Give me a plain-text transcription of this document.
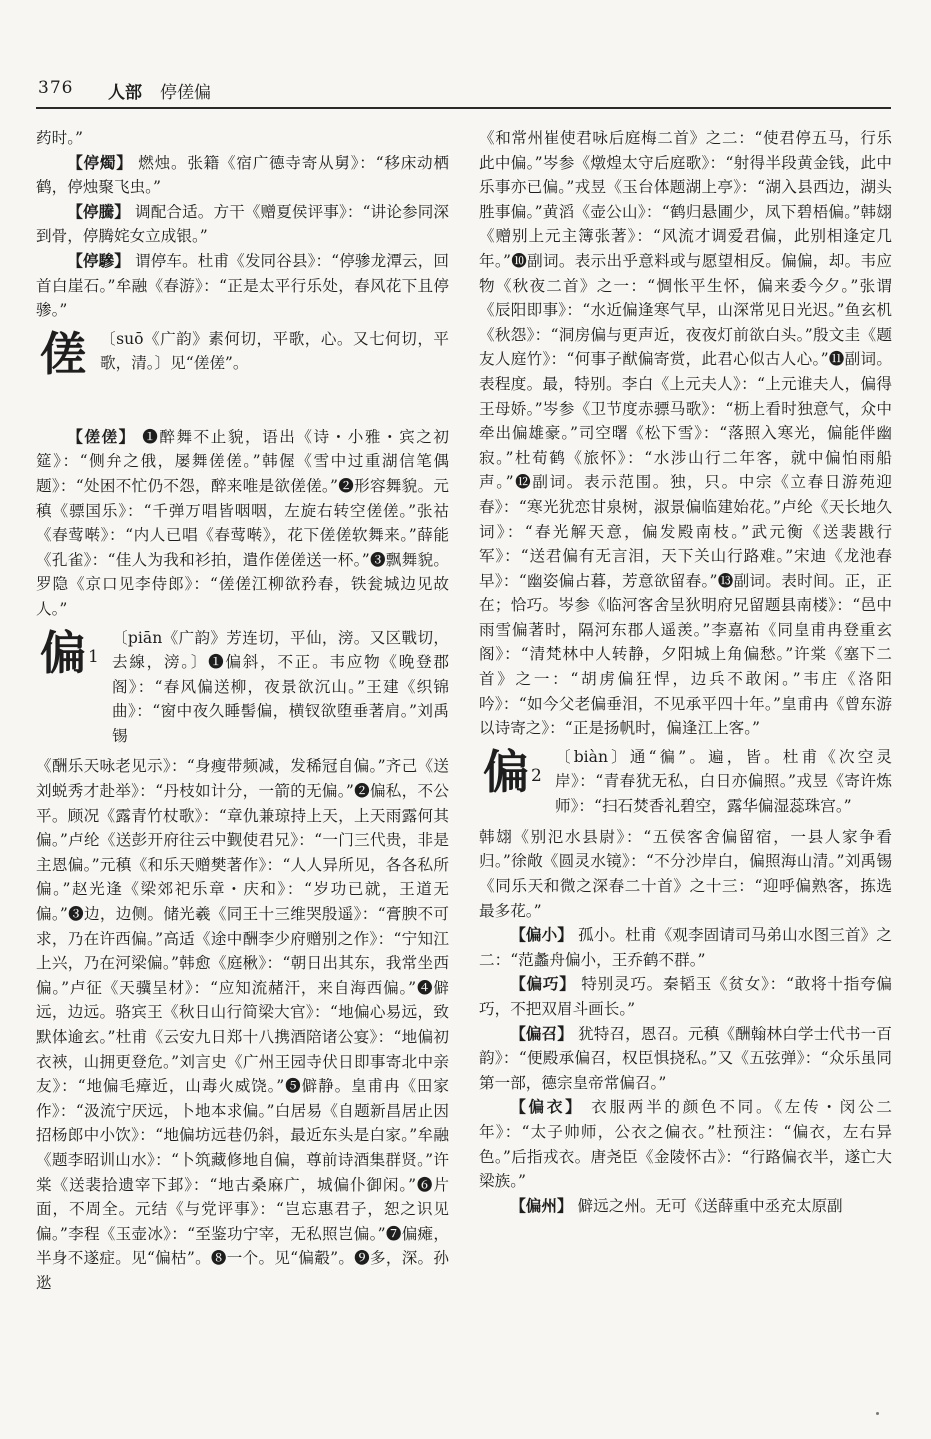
376 人部 停傞偏

药时。”

【停燭】 燃烛。张籍《宿广德寺寄从舅》：“移床动栖鹤，停烛聚飞虫。”

【停騰】 调配合适。方干《赠夏侯评事》：“讲论参同深到骨，停腾姹女立成银。”

【停驂】 谓停车。杜甫《发同谷县》：“停骖龙潭云，回首白崖石。”牟融《春游》：“正是太平行乐处，春风花下且停骖。”

傞 〔suō《广韵》素何切，平歌，心。又七何切，平歌，清。〕见“傞傞”。

【傞傞】 ❶醉舞不止貌，语出《诗・小雅・宾之初筵》：“侧弁之俄，屡舞傞傞。”韩偓《雪中过重湖信笔偶题》：“处困不忙仍不怨，醉来唯是欲傞傞。”❷形容舞貌。元稹《骠国乐》：“千弹万唱皆咽咽，左旋右转空傞傞。”张祜《春莺啭》：“内人已唱《春莺啭》，花下傞傞软舞来。”薛能《孔雀》：“佳人为我和衫拍，遣作傞傞送一杯。”❸飘舞貌。罗隐《京口见李侍郎》：“傞傞江柳欲矜春，铁瓮城边见故人。”

偏 $^1$

〔piān《广韵》芳连切，平仙，滂。又区戰切，去線，滂。〕❶偏斜，不正。韦应物《晚登郡阁》：“春风偏送柳，夜景欲沉山。”王建《织锦曲》：“窗中夜久睡髻偏，横钗欲堕垂著肩。”刘禹锡

《酬乐天咏老见示》：“身瘦带频减，发稀冠自偏。”齐己《送刘蜕秀才赴举》：“丹枝如计分，一箭的无偏。”❷偏私，不公平。顾况《露青竹杖歌》：“章仇兼琼持上天，上天雨露何其偏。”卢纶《送彭开府往云中觐使君兄》：“一门三代贵，非是主恩偏。”元稹《和乐天赠樊著作》：“人人异所见，各各私所偏。”赵光逢《梁郊祀乐章・庆和》：“岁功已就，王道无偏。”❸边，边侧。储光羲《同王十三维哭殷遥》：“膏腴不可求，乃在许西偏。”高适《途中酬李少府赠别之作》：“宁知江上兴，乃在河梁偏。”韩愈《庭楸》：“朝日出其东，我常坐西偏。”卢征《天骥呈材》：“应知流赭汗，来自海西偏。”❹僻远，边远。骆宾王《秋日山行简梁大官》：“地偏心易远，致默体逾玄。”杜甫《云安九日郑十八携酒陪诸公宴》：“地偏初衣裌，山拥更登危。”刘言史《广州王园寺伏日即事寄北中亲友》：“地偏毛瘴近，山毒火威饶。”❺僻静。皇甫冉《田家作》：“汲流宁厌远，卜地本求偏。”白居易《自题新昌居止因招杨郎中小饮》：“地偏坊远巷仍斜，最近东头是白家。”牟融《题李昭训山水》：“卜筑藏修地自偏，尊前诗酒集群贤。”许棠《送裴拾遗宰下邽》：“地古桑麻广，城偏仆御闲。”❻片面，不周全。元结《与党评事》：“岂忘惠君子，恕之识见偏。”李程《玉壶冰》：“至鉴功宁宰，无私照岂偏。”❼偏瘫，半身不遂症。见“偏枯”。❽一个。见“偏觳”。❾多，深。孙逖

《和常州崔使君咏后庭梅二首》之二：“使君停五马，行乐此中偏。”岑参《燉煌太守后庭歌》：“射得半段黄金钱，此中乐事亦已偏。”戎昱《玉台体题湖上亭》：“湖入县西边，湖头胜事偏。”黄滔《壶公山》：“鹤归悬圃少，凤下碧梧偏。”韩翃《赠别上元主簿张著》：“风流才调爱君偏，此别相逢定几年。”❿副词。表示出乎意料或与愿望相反。偏偏，却。韦应物《秋夜二首》之一：“惆怅平生怀，偏来委今夕。”张谓《辰阳即事》：“水近偏逢寒气早，山深常见日光迟。”鱼玄机《秋怨》：“洞房偏与更声近，夜夜灯前欲白头。”殷文圭《题友人庭竹》：“何事子猷偏寄赏，此君心似古人心。”⓫副词。表程度。最，特别。李白《上元夫人》：“上元谁夫人，偏得王母娇。”岑参《卫节度赤骠马歌》：“枥上看时独意气，众中牵出偏雄豪。”司空曙《松下雪》：“落照入寒光，偏能伴幽寂。”杜荀鹤《旅怀》：“水涉山行二年客，就中偏怕雨船声。”⓬副词。表示范围。独，只。中宗《立春日游苑迎春》：“寒光犹恋甘泉树，淑景偏临建始花。”卢纶《天长地久词》：“春光解天意，偏发殿南枝。”武元衡《送裴戡行军》：“送君偏有无言泪，天下关山行路难。”宋迪《龙池春早》：“幽姿偏占暮，芳意欲留春。”⓭副词。表时间。正，正在；恰巧。岑参《临河客舍呈狄明府兄留题县南楼》：“邑中雨雪偏著时，隔河东郡人遥羡。”李嘉祐《同皇甫冉登重玄阁》：“清梵林中人转静，夕阳城上角偏愁。”许棠《塞下二首》之一：“胡虏偏狂悍，边兵不敢闲。”韦庄《洛阳吟》：“如今父老偏垂泪，不见承平四十年。”皇甫冉《曾东游以诗寄之》：“正是扬帆时，偏逢江上客。”

偏 $^2$

〔biàn〕通“徧”。遍，皆。杜甫《次空灵岸》：“青春犹无私，白日亦偏照。”戎昱《寄许炼师》：“扫石焚香礼碧空，露华偏湿蕊珠宫。”

韩翃《别氾水县尉》：“五侯客舍偏留宿，一县人家争看归。”徐敞《圆灵水镜》：“不分沙岸白，偏照海山清。”刘禹锡《同乐天和微之深春二十首》之十三：“迎呼偏熟客，拣选最多花。”

【偏小】 孤小。杜甫《观李固请司马弟山水图三首》之二：“范蠡舟偏小，王乔鹤不群。”

【偏巧】 特别灵巧。秦韬玉《贫女》：“敢将十指夸偏巧，不把双眉斗画长。”

【偏召】 犹特召，恩召。元稹《酬翰林白学士代书一百韵》：“便殿承偏召，权臣惧挠私。”又《五弦弹》：“众乐虽同第一部，德宗皇帝常偏召。”

【偏衣】 衣服两半的颜色不同。《左传・闵公二年》：“太子帅师，公衣之偏衣。”杜预注：“偏衣，左右异色。”后指戎衣。唐尧臣《金陵怀古》：“行路偏衣半，遂亡大梁族。”

【偏州】 僻远之州。无可《送薛重中丞充太原副
